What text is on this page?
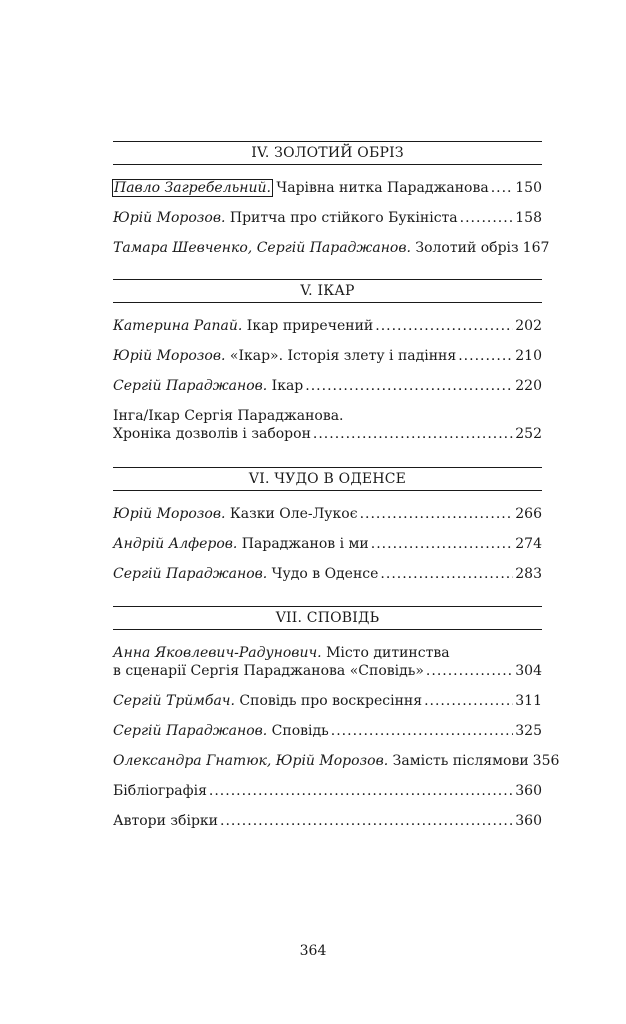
IV. ЗОЛОТИЙ ОБРІЗ
Павло Загребельний. Чарівна нитка Параджанова ..... 150
Юрій Морозов. Притча про стійкого Букініста .....	158
Тамара Шевченко, Сергій Параджанов. Золотий обріз 167
V. ІКАР
Катерина Рапай. Ікар приречений .....	202
Юрій Морозов. «Ікар». Історія злету і падіння .....	210
Сергій Параджанов. Ікар .....	220
Інга/Ікар Сергія Параджанова.
Хроніка дозволів і заборон .....	252
VI. ЧУДО В ОДЕНСЕ
Юрій Морозов. Казки Оле-Лукоє .....	266
Андрій Алферов. Параджанов і ми .....	274
Сергій Параджанов. Чудо в Оденсе .....	283
VII. СПОВІДЬ
Анна Яковлевич-Радунович. Місто дитинства
в сценарії Сергія Параджанова «Сповідь» .....	304
Сергій Трймбач. Сповідь про воскресіння .....	311
Сергій Параджанов. Сповідь .....	325
Олександра Гнатюк, Юрій Морозов. Замість післямови 356
Бібліографія .....	360
Автори збірки .....	360
364
